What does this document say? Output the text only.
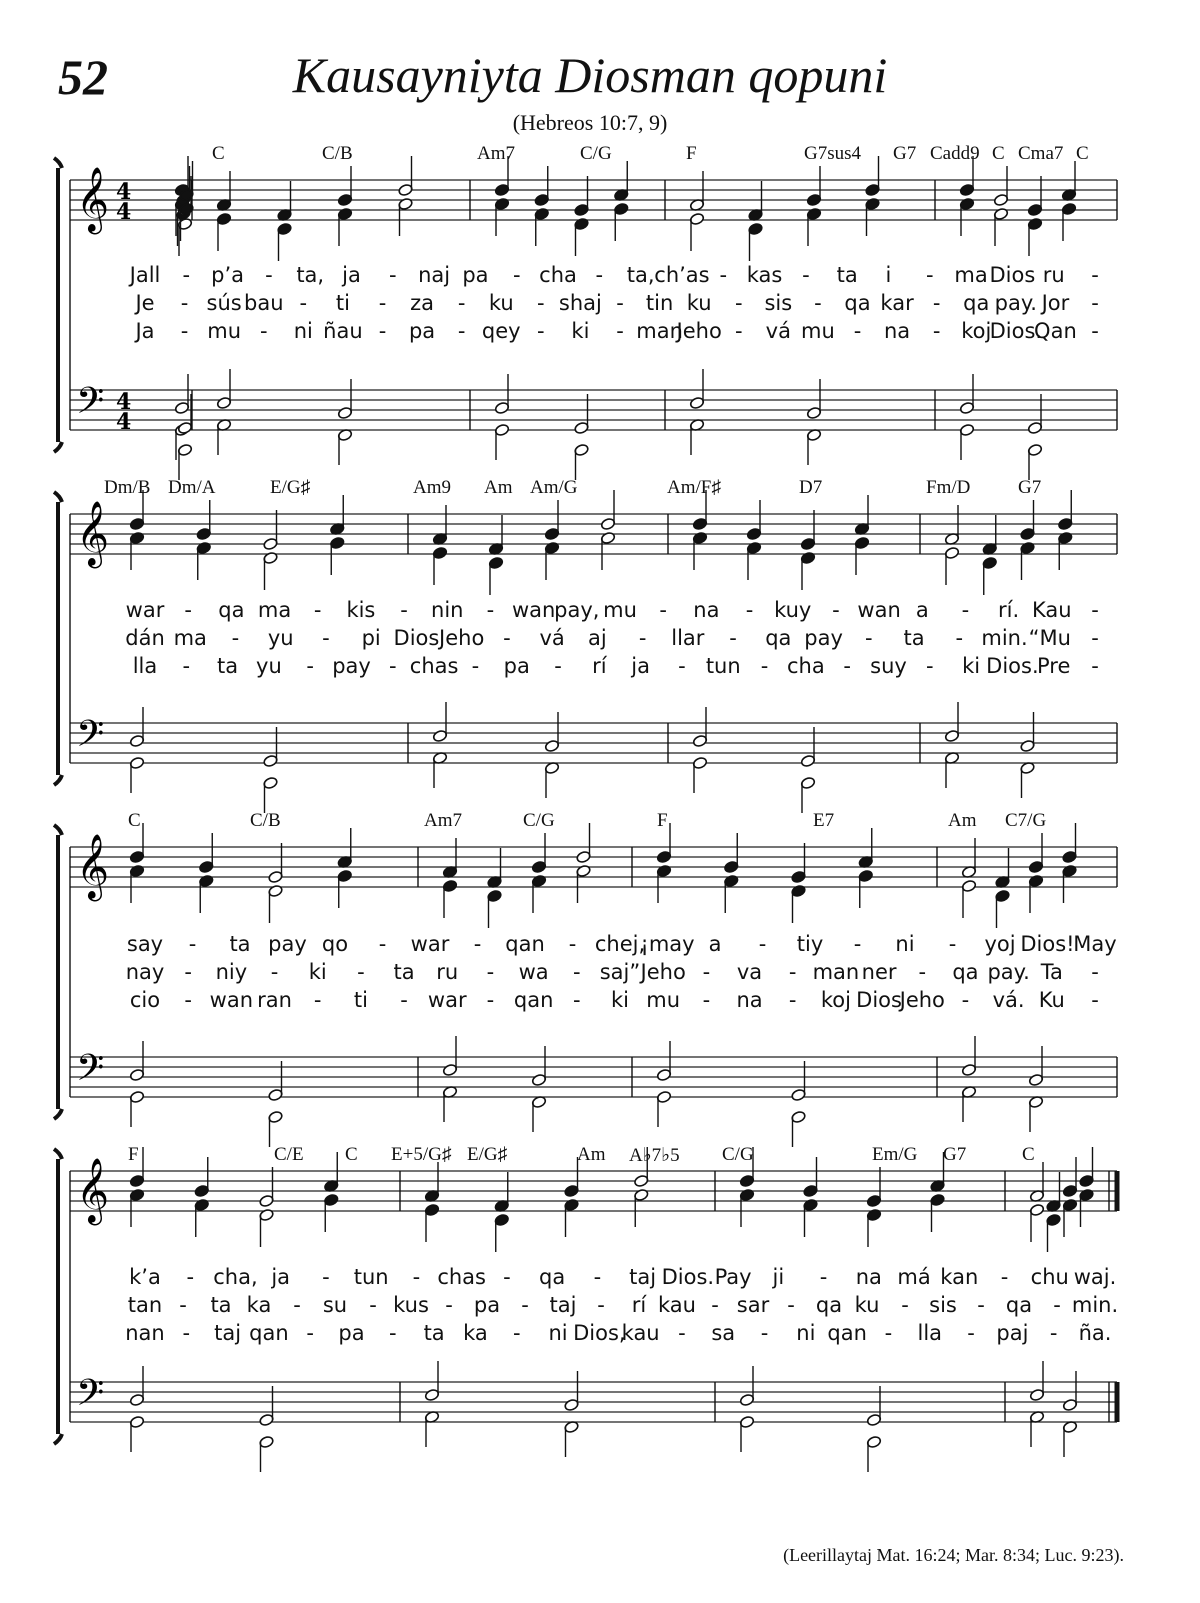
52	Kausayniyta Diosman qopuni
(Hebreos 10:7, 9)
𝄞
𝄢
4
4
4
4
𝄞
𝄢
𝄞
𝄢
𝄞
𝄢
C	C/B	Am7	C/G	F	G7sus4 G7 Cadd9 C Cma7 C
Jall - p’a - ta, ja - naj pa - cha - ta, ch’as - kas - ta i - ma Dios ru -
Je - sús bau - ti - za - ku - shaj - tin ku - sis - qa kar - qa pay. Jor -
Ja - mu - ni ñau - pa - qey - ki - man
Jeho - vá mu - na - koj
Dios.
Qan -
Dm/B Dm/A	E/G♯	Am9 Am Am/G	Am/F♯	D7	Fm/D	G7
war - qa ma - kis - nin - wan
pay, mu - na - kuy - wan a - rí. Kau -
dán ma - yu - pi Dios Jeho - vá aj - llar - qa pay - ta - min. “Mu -
lla - ta yu - pay - chas - pa - rí ja - tun - cha - suy - ki Dios.
Pre -
C	C/B	Am7	C/G	F	E7	Am C7/G
say - ta pay qo - war - qan - chej,
¡may a - tiy - ni - yoj Dios!
May
nay - niy - ki - ta ru - wa - saj” Jeho - va - man ner - qa pay. Ta -
cio - wan ran - ti - war - qan - ki mu - na - koj Dios
Jeho - vá. Ku -
F	C/E C E+5/G♯ E/G♯	Am A♭7♭5 C/G	Em/G G7	C
k’a - cha, ja - tun - chas - qa - taj Dios. Pay ji - na má kan - chu waj.
tan - ta ka - su - kus - pa - taj - rí kau - sar - qa ku - sis - qa - min.
nan - taj qan - pa - ta ka - ni Dios,
kau - sa - ni qan - lla - paj - ña.
(Leerillaytaj Mat. 16:24; Mar. 8:34; Luc. 9:23).
